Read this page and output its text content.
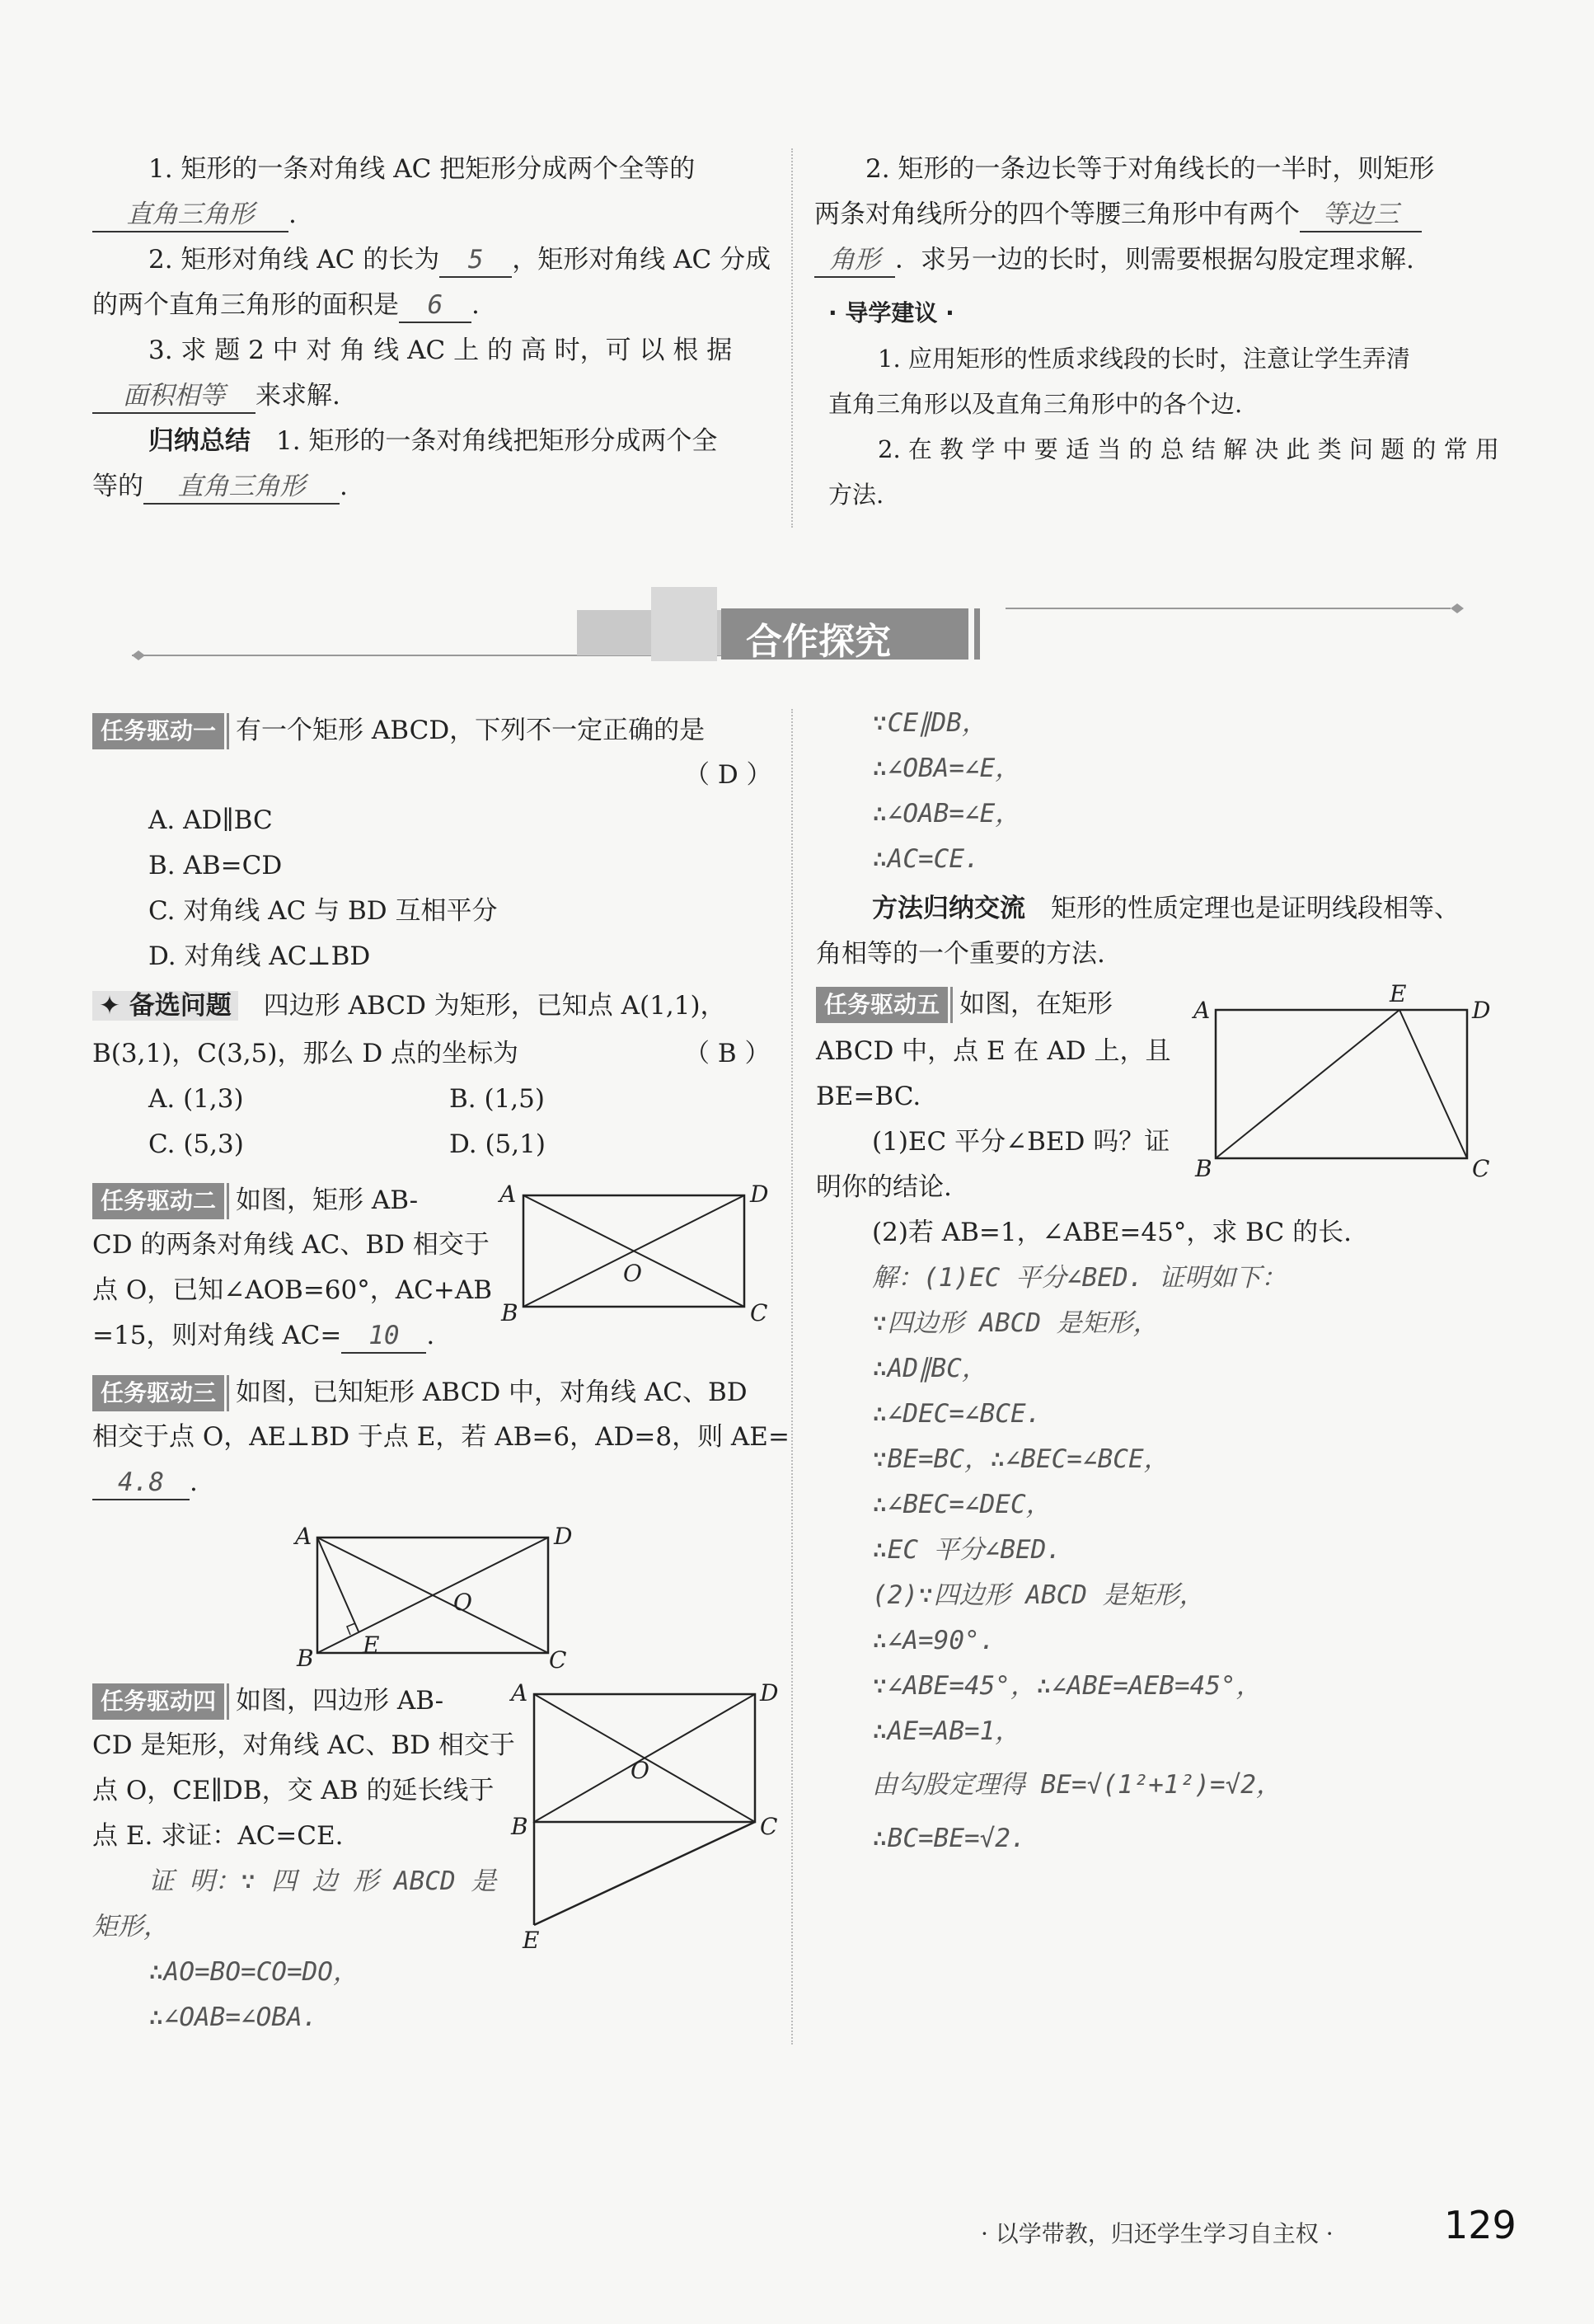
1. 矩形的一条对角线 AC 把矩形分成两个全等的
直角三角形 .
2. 矩形对角线 AC 的长为 5 ，矩形对角线 AC 分成
的两个直角三角形的面积是 6 .
3. 求 题 2 中 对 角 线 AC 上 的 高 时，可 以 根 据
面积相等 来求解.
归纳总结　 1. 矩形的一条对角线把矩形分成两个全
等的 直角三角形 .
2. 矩形的一条边长等于对角线长的一半时，则矩形
两条对角线所分的四个等腰三角形中有两个 等边三
角形 ．求另一边的长时，则需要根据勾股定理求解.
· 导学建议 ·
1. 应用矩形的性质求线段的长时，注意让学生弄清
直角三角形以及直角三角形中的各个边.
2. 在 教 学 中 要 适 当 的 总 结 解 决 此 类 问 题 的 常 用
方法.
合作探究
任务驱动一 有一个矩形 ABCD，下列不一定正确的是
（ D ）
A. AD∥BC
B. AB=CD
C. 对角线 AC 与 BD 互相平分
D. 对角线 AC⊥BD
✦ 备选问题　 四边形 ABCD 为矩形，已知点 A(1,1)，
B(3,1)，C(3,5)，那么 D 点的坐标为	（ B ）
A. (1,3)	B. (1,5)
C. (5,3)	D. (5,1)
任务驱动二 如图，矩形 AB-
CD 的两条对角线 AC、BD 相交于
点 O，已知∠AOB=60°，AC+AB
=15，则对角线 AC= 10 .
A	D
B	C
O
任务驱动三 如图，已知矩形 ABCD 中，对角线 AC、BD
相交于点 O，AE⊥BD 于点 E，若 AB=6，AD=8，则 AE=
4.8 .
A	D
B	C
O
E
任务驱动四 如图，四边形 AB-
CD 是矩形，对角线 AC、BD 相交于
点 O，CE∥DB，交 AB 的延长线于
点 E. 求证：AC=CE.
证 明：∵ 四 边 形 ABCD 是
矩形，
∴AO=BO=CO=DO，
∴∠OAB=∠OBA.
A	D
B	C
O
E
∵CE∥DB，
∴∠OBA=∠E，
∴∠OAB=∠E，
∴AC=CE.
方法归纳交流　 矩形的性质定理也是证明线段相等、
角相等的一个重要的方法.
任务驱动五 如图，在矩形
ABCD 中，点 E 在 AD 上，且
BE=BC.
(1)EC 平分∠BED 吗？证
明你的结论.
A	D
B	C
E
(2)若 AB=1，∠ABE=45°，求 BC 的长.
解：(1)EC 平分∠BED. 证明如下：
∵四边形 ABCD 是矩形，
∴AD∥BC，
∴∠DEC=∠BCE.
∵BE=BC，∴∠BEC=∠BCE，
∴∠BEC=∠DEC，
∴EC 平分∠BED.
(2)∵四边形 ABCD 是矩形，
∴∠A=90°.
∵∠ABE=45°，∴∠ABE=AEB=45°，
∴AE=AB=1，
由勾股定理得 BE=√(1²+1²)=√2，
∴BC=BE=√2.
· 以学带教，归还学生学习自主权 ·	129
